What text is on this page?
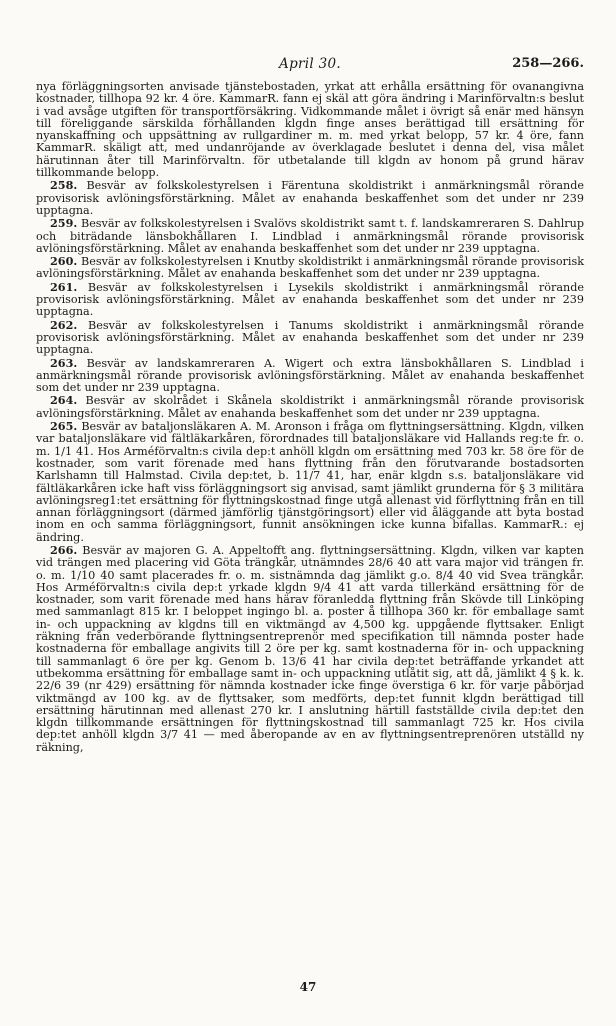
April 30.	258—266.

nya förläggningsorten anvisade tjänstebostaden, yrkat att erhålla ersättning för ovanangivna kostnader, tillhopa 92 kr. 4 öre. KammarR. fann ej skäl att göra ändring i Marinförvaltn:s beslut i vad avsåge utgiften för transportförsäkring. Vidkommande målet i övrigt så enär med hänsyn till föreliggande särskilda förhållanden klgdn finge anses berättigad till ersättning för nyanskaffning och uppsättning av rullgardiner m. m. med yrkat belopp, 57 kr. 4 öre, fann KammarR. skäligt att, med undanröjande av överklagade beslutet i denna del, visa målet härutinnan åter till Marinförvaltn. för utbetalande till klgdn av honom på grund härav tillkommande belopp.

258. Besvär av folkskolestyrelsen i Färentuna skoldistrikt i anmärkningsmål rörande provisorisk avlöningsförstärkning. Målet av enahanda beskaffenhet som det under nr 239 upptagna.

259. Besvär av folkskolestyrelsen i Svalövs skoldistrikt samt t. f. landskamreraren S. Dahlrup och biträdande länsbokhållaren I. Lindblad i anmärkningsmål rörande provisorisk avlöningsförstärkning. Målet av enahanda beskaffenhet som det under nr 239 upptagna.

260. Besvär av folkskolestyrelsen i Knutby skoldistrikt i anmärkningsmål rörande provisorisk avlöningsförstärkning. Målet av enahanda beskaffenhet som det under nr 239 upptagna.

261. Besvär av folkskolestyrelsen i Lysekils skoldistrikt i anmärkningsmål rörande provisorisk avlöningsförstärkning. Målet av enahanda beskaffenhet som det under nr 239 upptagna.

262. Besvär av folkskolestyrelsen i Tanums skoldistrikt i anmärkningsmål rörande provisorisk avlöningsförstärkning. Målet av enahanda beskaffenhet som det under nr 239 upptagna.

263. Besvär av landskamreraren A. Wigert och extra länsbokhållaren S. Lindblad i anmärkningsmål rörande provisorisk avlöningsförstärkning. Målet av enahanda beskaffenhet som det under nr 239 upptagna.

264. Besvär av skolrådet i Skånela skoldistrikt i anmärkningsmål rörande provisorisk avlöningsförstärkning. Målet av enahanda beskaffenhet som det under nr 239 upptagna.

265. Besvär av bataljonsläkaren A. M. Aronson i fråga om flyttningsersättning. Klgdn, vilken var bataljonsläkare vid fältläkarkåren, förordnades till bataljonsläkare vid Hallands reg:te fr. o. m. 1/1 41. Hos Arméförvaltn:s civila dep:t anhöll klgdn om ersättning med 703 kr. 58 öre för de kostnader, som varit förenade med hans flyttning från den förutvarande bostadsorten Karlshamn till Halmstad. Civila dep:tet, b. 11/7 41, har, enär klgdn s.s. bataljonsläkare vid fältläkarkåren icke haft viss förläggningsort sig anvisad, samt jämlikt grunderna för § 3 militära avlöningsreg1:tet ersättning för flyttningskostnad finge utgå allenast vid förflyttning från en till annan förläggningsort (därmed jämförlig tjänstgöringsort) eller vid åläggande att byta bostad inom en och samma förläggningsort, funnit ansökningen icke kunna bifallas. KammarR.: ej ändring.

266. Besvär av majoren G. A. Appeltofft ang. flyttningsersättning. Klgdn, vilken var kapten vid trängen med placering vid Göta trängkår, utnämndes 28/6 40 att vara major vid trängen fr. o. m. 1/10 40 samt placerades fr. o. m. sistnämnda dag jämlikt g.o. 8/4 40 vid Svea trängkår. Hos Arméförvaltn:s civila dep:t yrkade klgdn 9/4 41 att varda tillerkänd ersättning för de kostnader, som varit förenade med hans härav föranledda flyttning från Skövde till Linköping med sammanlagt 815 kr. I beloppet ingingo bl. a. poster å tillhopa 360 kr. för emballage samt in- och uppackning av klgdns till en viktmängd av 4,500 kg. uppgående flyttsaker. Enligt räkning från vederbörande flyttningsentreprenör med specifikation till nämnda poster hade kostnaderna för emballage angivits till 2 öre per kg. samt kostnaderna för in- och uppackning till sammanlagt 6 öre per kg. Genom b. 13/6 41 har civila dep:tet beträffande yrkandet att utbekomma ersättning för emballage samt in- och uppackning utlåtit sig, att då, jämlikt 4 § k. k. 22/6 39 (nr 429) ersättning för nämnda kostnader icke finge överstiga 6 kr. för varje påbörjad viktmängd av 100 kg. av de flyttsaker, som medförts, dep:tet funnit klgdn berättigad till ersättning härutinnan med allenast 270 kr. I anslutning härtill fastställde civila dep:tet den klgdn tillkommande ersättningen för flyttningskostnad till sammanlagt 725 kr. Hos civila dep:tet anhöll klgdn 3/7 41 — med åberopande av en av flyttningsentreprenören utställd ny räkning,

47
